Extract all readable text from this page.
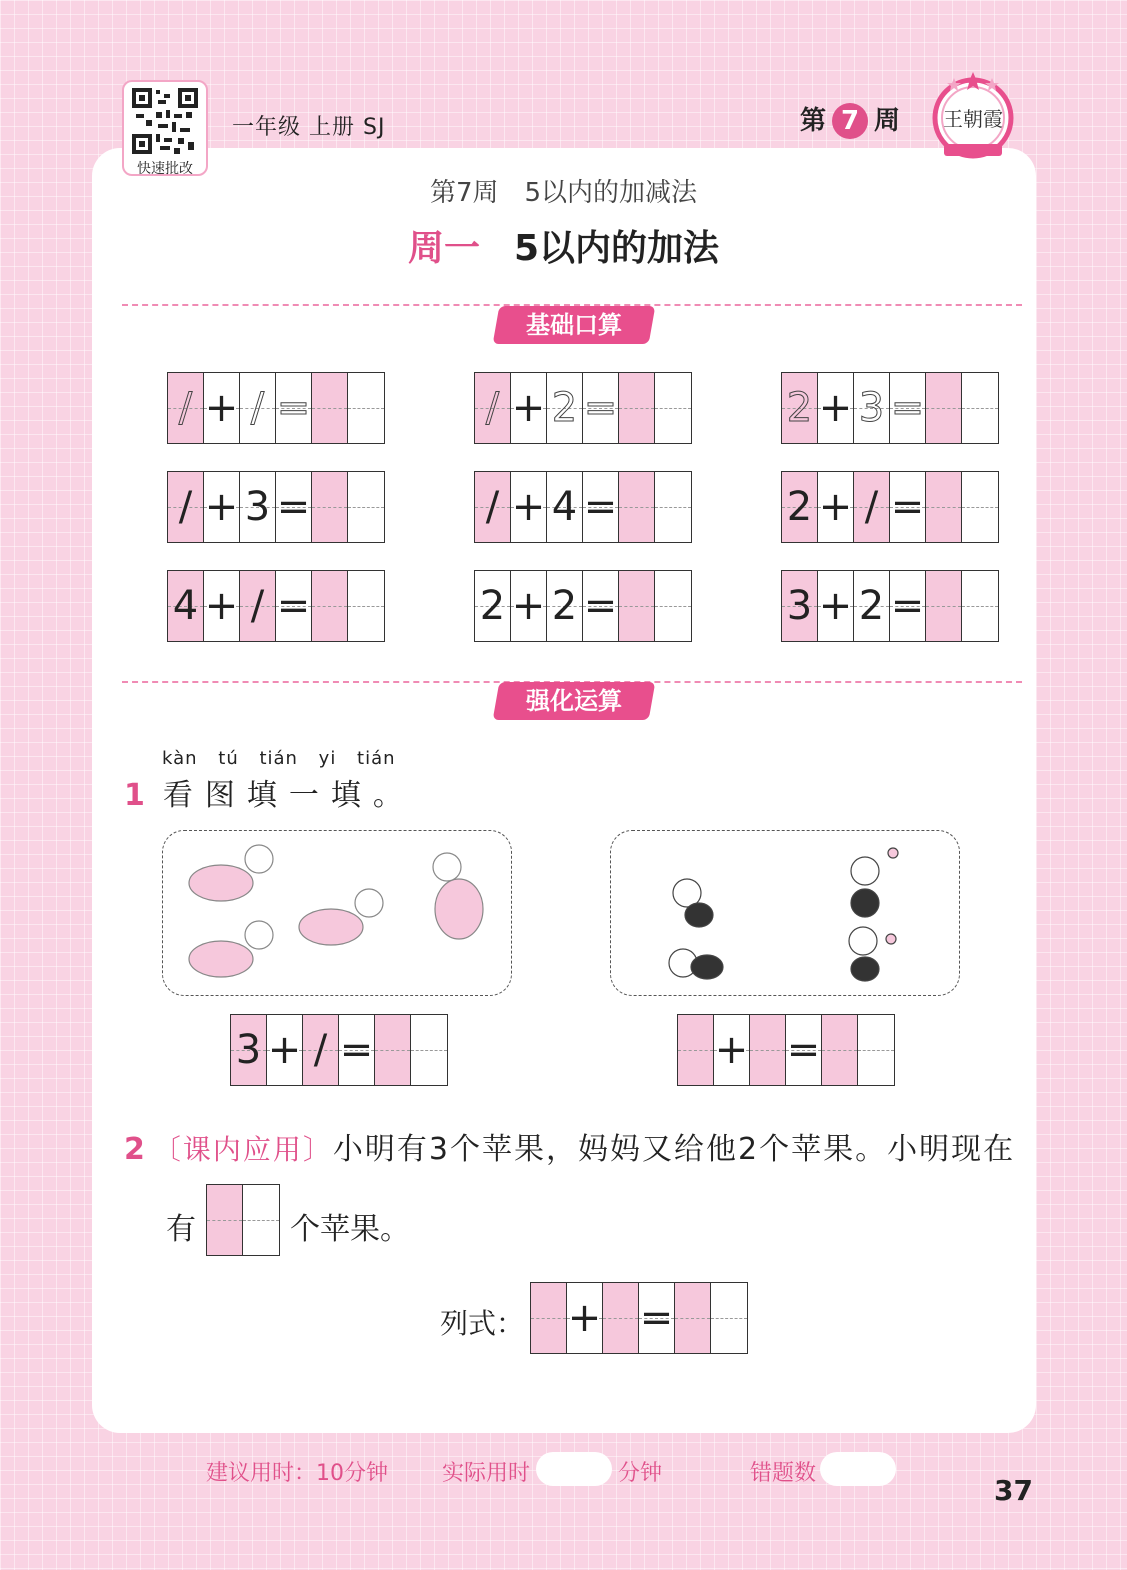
快速批改
一年级 上册 SJ	第 7 周 王朝霞
第7周　5以内的加减法
周一 5以内的加法
基础口算
/ + / =	/ + 2 =	2 + 3 =
/ + 3 =	/ + 4 =	2 + / =
4 + / =	2 + 2 =	3 + 2 =
强化运算
kàn tú tián yi tián
1 看图填一填。
3 + / =	+ =
2 〔课内应用〕小明有3个苹果，妈妈又给他2个苹果。小明现在
有	个苹果。
列式： + =
建议用时：10分钟 实际用时	分钟	错题数
37
